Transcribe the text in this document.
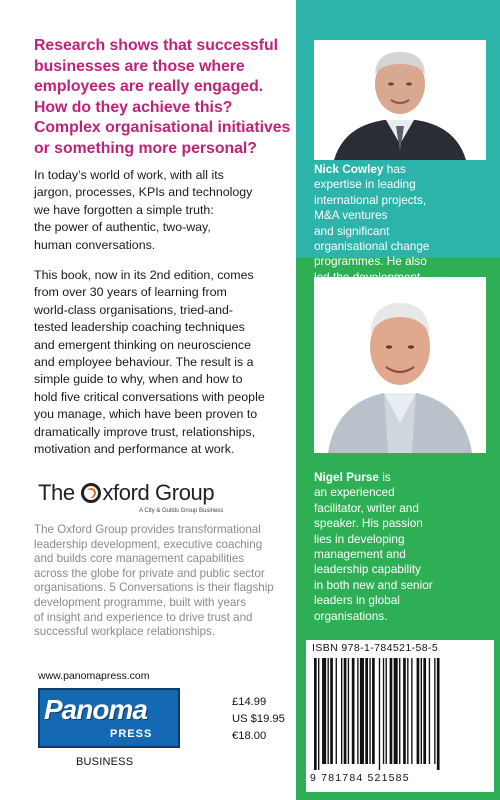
Research shows that successful
businesses are those where
employees are really engaged.
How do they achieve this?
Complex organisational initiatives
or something more personal?
In today’s world of work, with all its
jargon, processes, KPIs and technology
we have forgotten a simple truth:
the power of authentic, two-way,
human conversations.
This book, now in its 2nd edition, comes
from over 30 years of learning from
world-class organisations, tried-and-
tested leadership coaching techniques
and emergent thinking on neuroscience
and employee behaviour. The result is a
simple guide to why, when and how to
hold five critical conversations with people
you manage, which have been proven to
dramatically improve trust, relationships,
motivation and performance at work.
The xford Group
A City & Guilds Group Business
The Oxford Group provides transformational
leadership development, executive coaching
and builds core management capabilities
across the globe for private and public sector
organisations. 5 Conversations is their flagship
development programme, built with years
of insight and experience to drive trust and
successful workplace relationships.
www.panomapress.com
Panoma
PRESS
£14.99
US $19.95
€18.00
BUSINESS
Nick Cowley has
expertise in leading
international projects,
M&A ventures
and significant
organisational change
programmes. He also
Nigel Purse is
an experienced
facilitator, writer and
speaker. His passion
lies in developing
management and
leadership capability
in both new and senior
leaders in global
organisations.
ISBN 978-1-784521-58-5
9 781784 521585
